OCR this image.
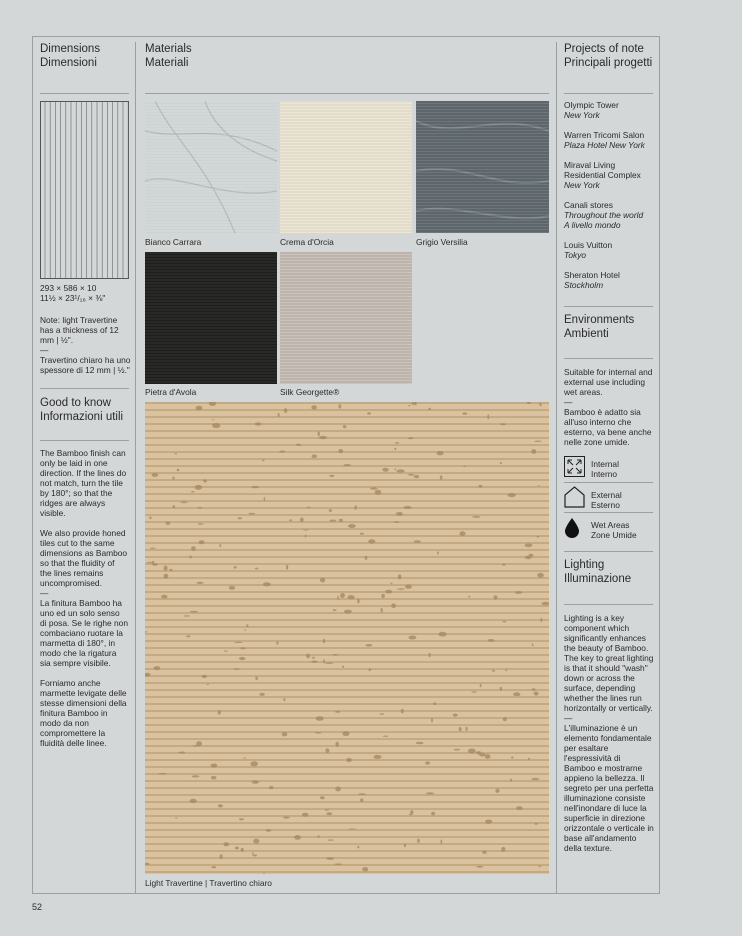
Dimensions
Dimensioni
293 × 586 × 10
11½ × 23¹/₁₆ × ⅜"
Note: light Travertine has a thickness of 12 mm | ½".
—
Travertino chiaro ha uno spessore di 12 mm | ½."
Good to know
Informazioni utili

The Bamboo finish can only be laid in one direction. If the lines do not match, turn the tile by 180°; so that the ridges are always visible.

We also provide honed tiles cut to the same dimensions as Bamboo so that the fluidity of the lines remains uncompromised.

—

La finitura Bamboo ha uno ed un solo senso di posa. Se le righe non combaciano ruotare la marmetta di 180°, in modo che la rigatura sia sempre visibile.

Forniamo anche marmette levigate delle stesse dimensioni della finitura Bamboo in modo da non compromettere la fluidità delle linee.

Materials
Materiali
Bianco Carrara	Crema d'Orcia	Grigio Versilia
Pietra d'Avola	Silk Georgette®
Light Travertine | Travertino chiaro
Projects of note
Principali progetti
Olympic Tower
New York
Warren Tricomi Salon
Plaza Hotel New York
Miraval Living Residential Complex
New York
Canali stores
Throughout the world
A livello mondo
Louis Vuitton
Tokyo
Sheraton Hotel
Stockholm
Environments
Ambienti
Suitable for internal and external use including wet areas.
—
Bamboo è adatto sia all'uso interno che esterno, va bene anche nelle zone umide.
Internal
Interno
External
Esterno
Wet Areas
Zone Umide
Lighting
Illuminazione
Lighting is a key component which significantly enhances the beauty of Bamboo. The key to great lighting is that it should "wash" down or across the surface, depending whether the lines run horizontally or vertically.
—
L'illuminazione è un elemento fondamentale per esaltare l'espressività di Bamboo e mostrarne appieno la bellezza. Il segreto per una perfetta illuminazione consiste nell'inondare di luce la superficie in direzione orizzontale o verticale in base all'andamento della texture.
52
